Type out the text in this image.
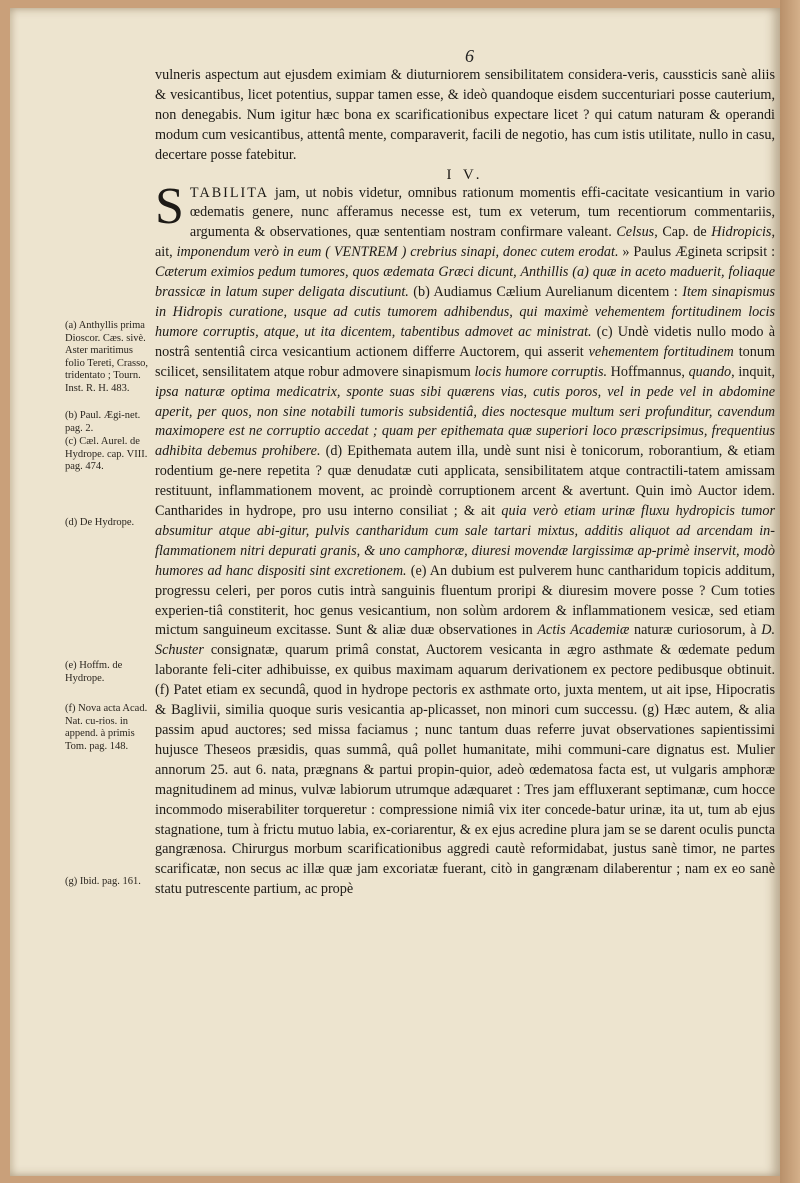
6
(a) Anthyllis prima Dioscor. Cæs. sivè. Aster maritimus folio Tereti, Crasso, tridentato ; Tourn. Inst. R. H. 483.
(b) Paul. Ægi-net. pag. 2.
(c) Cæl. Aurel. de Hydrope. cap. VIII. pag. 474.
(d) De Hydrope.
(e) Hoffm. de Hydrope.
(f) Nova acta Acad. Nat. cu-rios. in append. à primis Tom. pag. 148.
(g) Ibid. pag. 161.

vulneris aspectum aut ejusdem eximiam & diuturniorem sensibilitatem considera-veris, caussticis sanè aliis & vesicantibus, licet potentius, suppar tamen esse, & ideò quandoque eisdem succenturiari posse cauterium, non denegabis. Num igitur hæc bona ex scarificationibus expectare licet ? qui catum naturam & operandi modum cum vesicantibus, attentâ mente, comparaverit, facili de negotio, has cum istis utilitate, nullo in casu, decertare posse fatebitur.

I V.

STABILITA jam, ut nobis videtur, omnibus rationum momentis effi-cacitate vesicantium in vario œdematis genere, nunc afferamus necesse est, tum ex veterum, tum recentiorum commentariis, argumenta & observationes, quæ sententiam nostram confirmare valeant. Celsus, Cap. de Hidropicis, ait, imponendum verò in eum ( VENTREM ) crebrius sinapi, donec cutem erodat. » Paulus Ægineta scripsit : Cæterum eximios pedum tumores, quos ædemata Græci dicunt, Anthillis (a) quæ in aceto maduerit, foliaque brassicæ in latum super deligata discutiunt. (b) Audiamus Cælium Aurelianum dicentem : Item sinapismus in Hidropis curatione, usque ad cutis tumorem adhibendus, qui maximè vehementem fortitudinem locis humore corruptis, atque, ut ita dicentem, tabentibus admovet ac ministrat. (c) Undè videtis nullo modo à nostrâ sententiâ circa vesicantium actionem differre Auctorem, qui asserit vehementem fortitudinem tonum scilicet, sensilitatem atque robur admovere sinapismum locis humore corruptis. Hoffmannus, quando, inquit, ipsa naturæ optima medicatrix, sponte suas sibi quærens vias, cutis poros, vel in pede vel in abdomine aperit, per quos, non sine notabili tumoris subsidentiâ, dies noctesque multum seri profunditur, cavendum maximopere est ne corruptio accedat ; quam per epithemata quæ superiori loco præscripsimus, frequentius adhibita debemus prohibere. (d) Epithemata autem illa, undè sunt nisi è tonicorum, roborantium, & etiam rodentium ge-nere repetita ? quæ denudatæ cuti applicata, sensibilitatem atque contractili-tatem amissam restituunt, inflammationem movent, ac proindè corruptionem arcent & avertunt. Quin imò Auctor idem. Cantharides in hydrope, pro usu interno consiliat ; & ait quia verò etiam urinæ fluxu hydropicis tumor absumitur atque abi-gitur, pulvis cantharidum cum sale tartari mixtus, additis aliquot ad arcendam in-flammationem nitri depurati granis, & uno camphoræ, diuresi movendæ largissimæ ap-primè inservit, modò humores ad hanc dispositi sint excretionem. (e) An dubium est pulverem hunc cantharidum topicis additum, progressu celeri, per poros cutis intrà sanguinis fluentum proripi & diuresim movere posse ? Cum toties experien-tiâ constiterit, hoc genus vesicantium, non solùm ardorem & inflammationem vesicæ, sed etiam mictum sanguineum excitasse. Sunt & aliæ duæ observationes in Actis Academiæ naturæ curiosorum, à D. Schuster consignatæ, quarum primâ constat, Auctorem vesicanta in ægro asthmate & œdemate pedum laborante feli-citer adhibuisse, ex quibus maximam aquarum derivationem ex pectore pedibusque obtinuit. (f) Patet etiam ex secundâ, quod in hydrope pectoris ex asthmate orto, juxta mentem, ut ait ipse, Hipocratis & Baglivii, similia quoque suris vesicantia ap-plicasset, non minori cum successu. (g) Hæc autem, & alia passim apud auctores; sed missa faciamus ; nunc tantum duas referre juvat observationes sapientissimi hujusce Theseos præsidis, quas summâ, quâ pollet humanitate, mihi communi-care dignatus est. Mulier annorum 25. aut 6. nata, prægnans & partui propin-quior, adeò œdematosa facta est, ut vulgaris amphoræ magnitudinem ad minus, vulvæ labiorum utrumque adæquaret : Tres jam effluxerant septimanæ, cum hocce incommodo miserabiliter torqueretur : compressione nimiâ vix iter concede-batur urinæ, ita ut, tum ab ejus stagnatione, tum à frictu mutuo labia, ex-coriarentur, & ex ejus acredine plura jam se se darent oculis puncta gangrænosa. Chirurgus morbum scarificationibus aggredi cautè reformidabat, justus sanè timor, ne partes scarificatæ, non secus ac illæ quæ jam excoriatæ fuerant, citò in gangrænam dilaberentur ; nam ex eo sanè statu putrescente partium, ac propè
